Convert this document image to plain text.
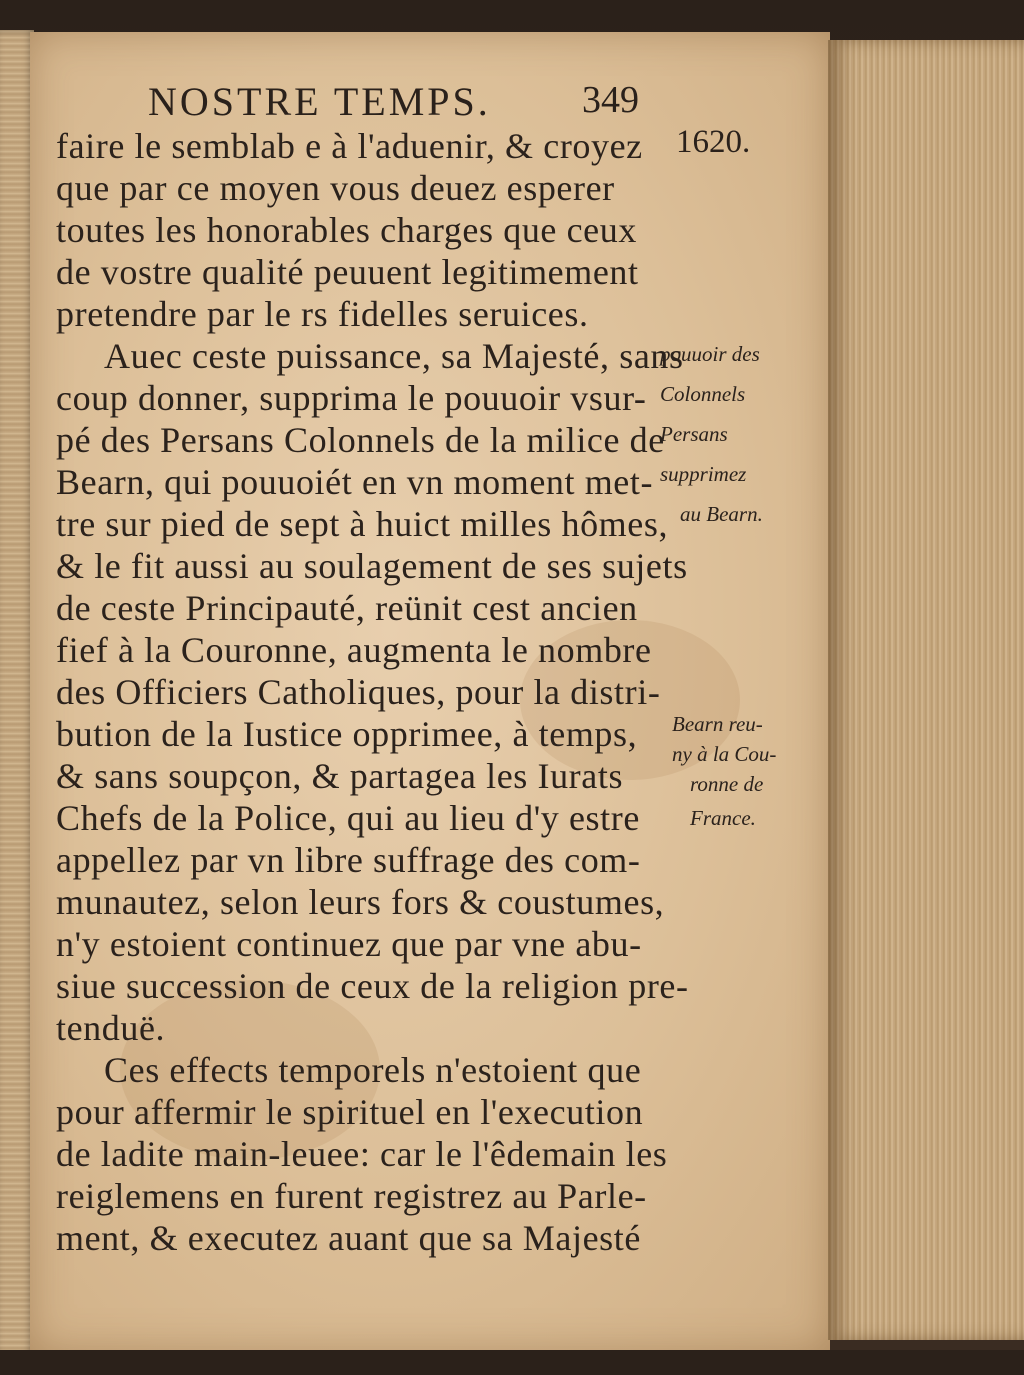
NOSTRE TEMPS. 349
1620.
faire le semblab e à l'aduenir, & croyez
que par ce moyen vous deuez esperer
toutes les honorables charges que ceux
de vostre qualité peuuent legitimement
pretendre par le rs fidelles seruices.
Auec ceste puissance, sa Majesté, sans
coup donner, supprima le pouuoir vsur-
pé des Persans Colonnels de la milice de
Bearn, qui pouuoiét en vn moment met-
tre sur pied de sept à huict milles hômes,
& le fit aussi au soulagement de ses sujets
de ceste Principauté, reünit cest ancien
fief à la Couronne, augmenta le nombre
des Officiers Catholiques, pour la distri-
bution de la Iustice opprimee, à temps,
& sans soupçon, & partagea les Iurats
Chefs de la Police, qui au lieu d'y estre
appellez par vn libre suffrage des com-
munautez, selon leurs fors & coustumes,
n'y estoient continuez que par vne abu-
siue succession de ceux de la religion pre-
tenduë.
Ces effects temporels n'estoient que
pour affermir le spirituel en l'execution
de ladite main-leuee: car le l'êdemain les
reiglemens en furent registrez au Parle-
ment, & executez auant que sa Majesté
pouuoir des
Colonnels
Persans
supprimez
au Bearn.
Bearn reu-
ny à la Cou-
ronne de
France.
